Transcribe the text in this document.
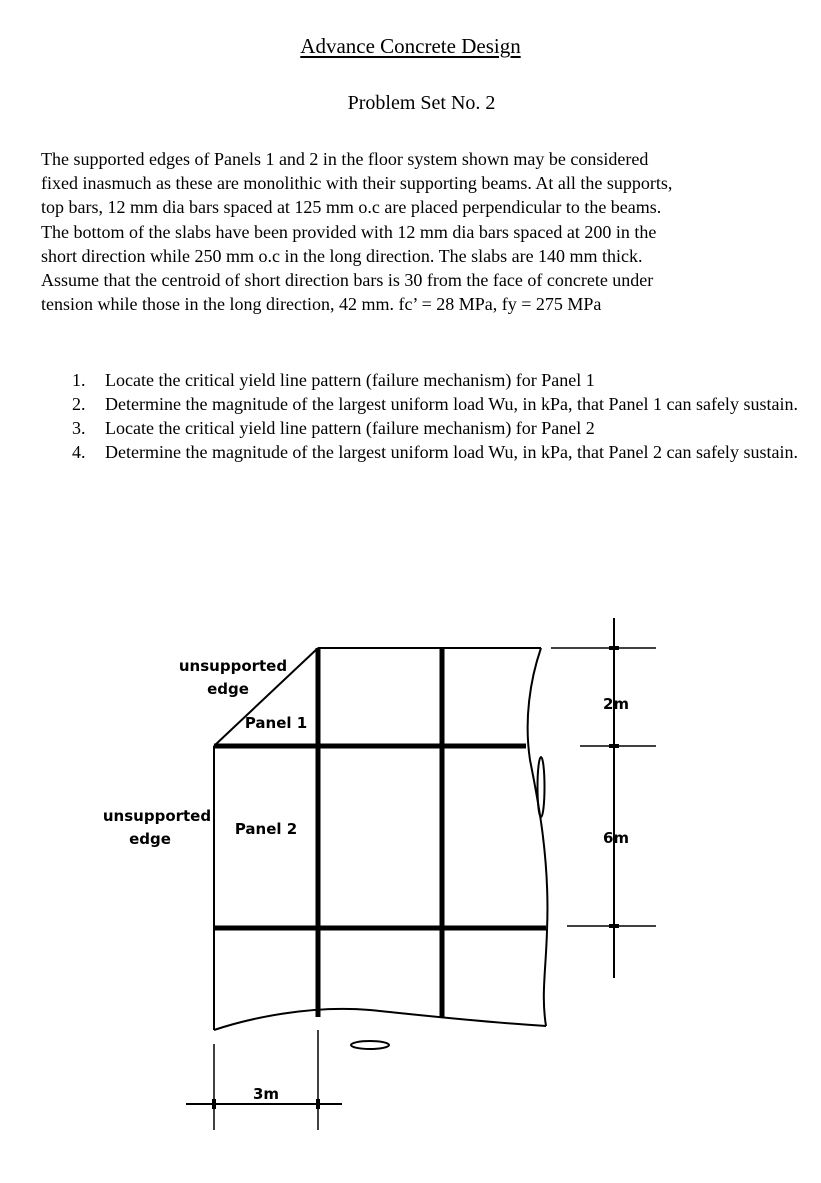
Advance Concrete Design
Problem Set No. 2
The supported edges of Panels 1 and 2 in the floor system shown may be considered
fixed inasmuch as these are monolithic with their supporting beams. At all the supports,
top bars, 12 mm dia bars spaced at 125 mm o.c are placed perpendicular to the beams.
The bottom of the slabs have been provided with 12 mm dia bars spaced at 200 in the
short direction while 250 mm o.c in the long direction. The slabs are 140 mm thick.
Assume that the centroid of short direction bars is 30 from the face of concrete under
tension while those in the long direction, 42 mm. fc’ = 28 MPa, fy = 275 MPa
1. Locate the critical yield line pattern (failure mechanism) for Panel 1
2. Determine the magnitude of the largest uniform load Wu, in kPa, that Panel 1 can safely sustain.
3. Locate the critical yield line pattern (failure mechanism) for Panel 2
4. Determine the magnitude of the largest uniform load Wu, in kPa, that Panel 2 can safely sustain.
unsupported
edge
Panel 1
unsupported
edge
Panel 2
2m
6m
3m
